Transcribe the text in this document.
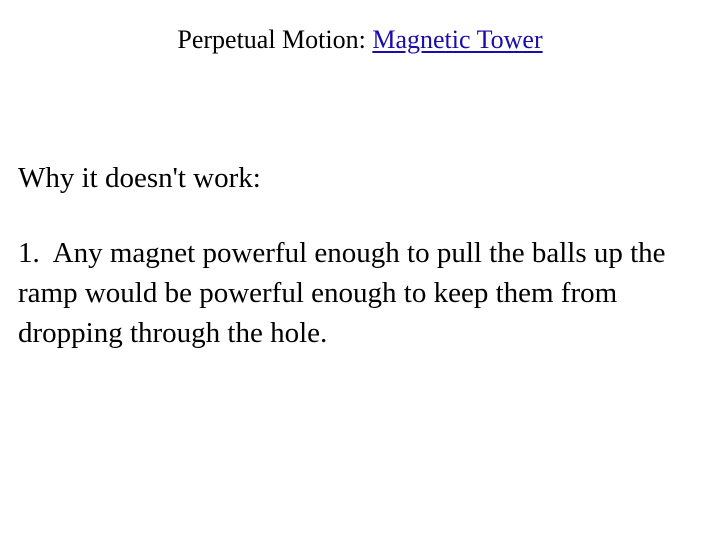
Perpetual Motion: Magnetic Tower
Why it doesn't work:
1.  Any magnet powerful enough to pull the balls up the ramp would be powerful enough to keep them from dropping through the hole.
